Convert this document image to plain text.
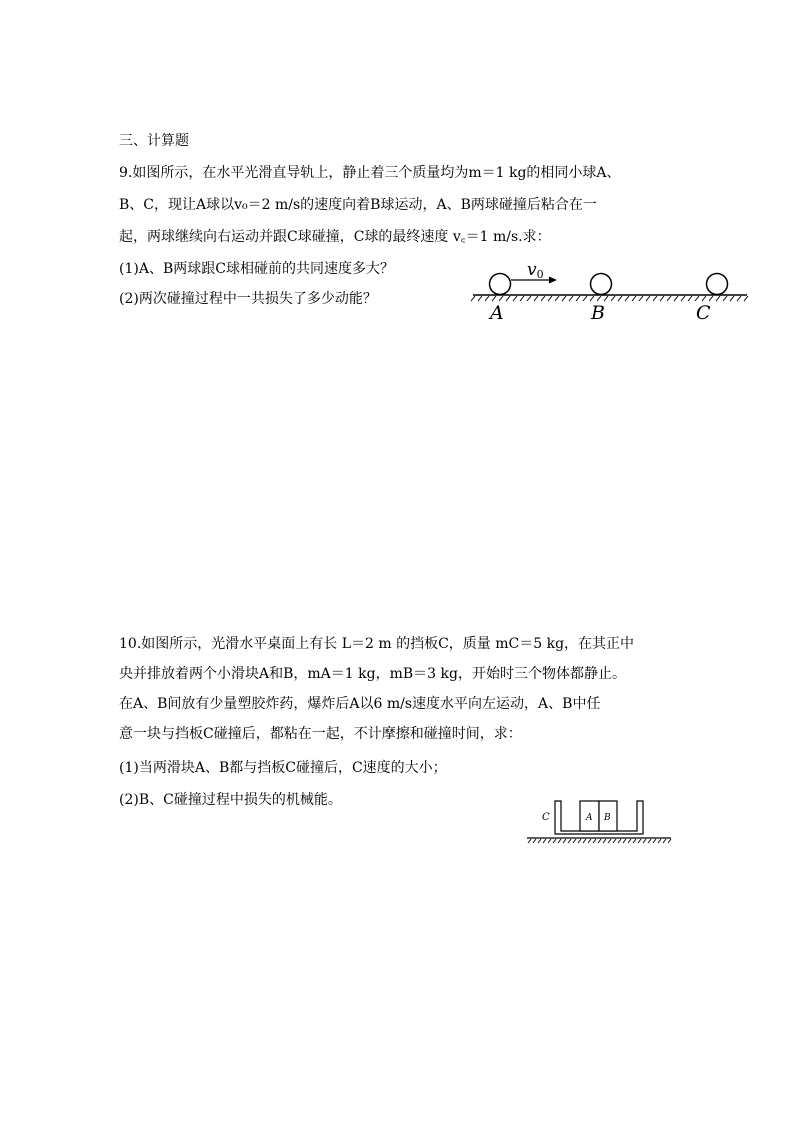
三、计算题
9.如图所示，在水平光滑直导轨上，静止着三个质量均为m＝1 kg的相同小球A、
B、C，现让A球以v₀＝2 m/s的速度向着B球运动，A、B两球碰撞后粘合在一
起，两球继续向右运动并跟C球碰撞，C球的最终速度 v꜀＝1 m/s.求：
(1)A、B两球跟C球相碰前的共同速度多大？
(2)两次碰撞过程中一共损失了多少动能？
v0
A	B	C
10.如图所示，光滑水平桌面上有长 L＝2 m 的挡板C，质量 mC＝5 kg，在其正中
央并排放着两个小滑块A和B，mA＝1 kg，mB＝3 kg，开始时三个物体都静止。
在A、B间放有少量塑胶炸药，爆炸后A以6 m/s速度水平向左运动，A、B中任
意一块与挡板C碰撞后，都粘在一起，不计摩擦和碰撞时间，求：
(1)当两滑块A、B都与挡板C碰撞后，C速度的大小；
(2)B、C碰撞过程中损失的机械能。
C	A B
